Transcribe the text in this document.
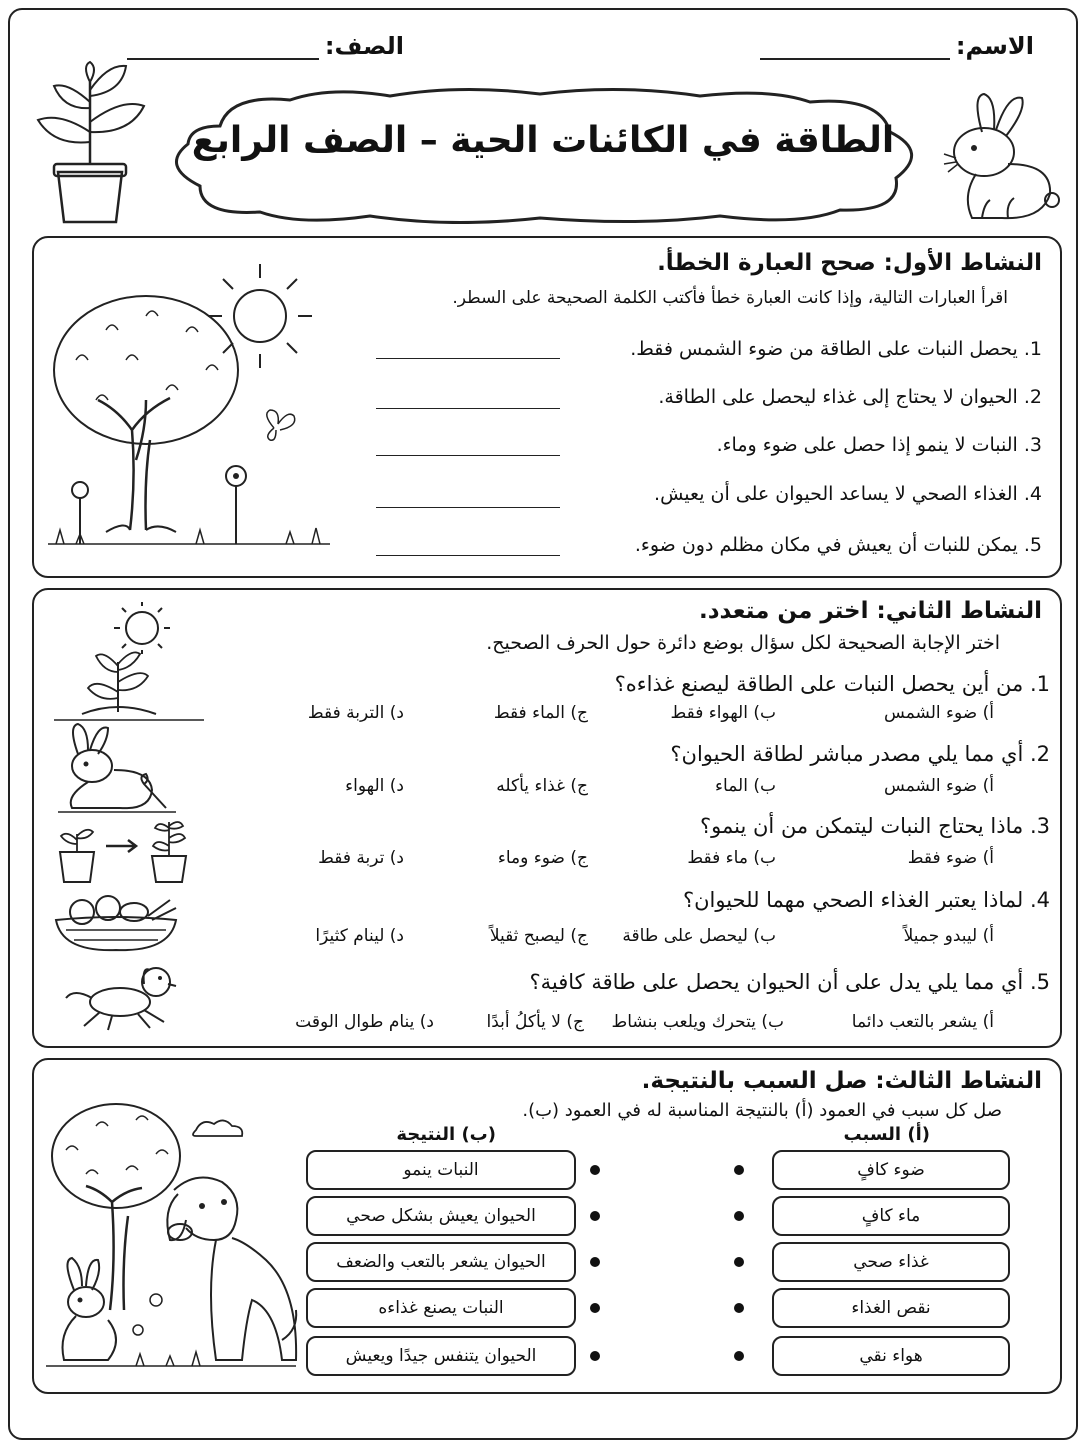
الاسم:
الصف:
الطاقة في الكائنات الحية – الصف الرابع
النشاط الأول: صحح العبارة الخطأ.
اقرأ العبارات التالية، وإذا كانت العبارة خطأ فأكتب الكلمة الصحيحة على السطر.
1. يحصل النبات على الطاقة من ضوء الشمس فقط.
2. الحيوان لا يحتاج إلى غذاء ليحصل على الطاقة.
3. النبات لا ينمو إذا حصل على ضوء وماء.
4. الغذاء الصحي لا يساعد الحيوان على أن يعيش.
5. يمكن للنبات أن يعيش في مكان مظلم دون ضوء.
النشاط الثاني: اختر من متعدد.
اختر الإجابة الصحيحة لكل سؤال بوضع دائرة حول الحرف الصحيح.
1. من أين يحصل النبات على الطاقة ليصنع غذاءه؟
أ) ضوء الشمس
ب) الهواء فقط
ج) الماء فقط
د) التربة فقط
2. أي مما يلي مصدر مباشر لطاقة الحيوان؟
أ) ضوء الشمس
ب) الماء
ج) غذاء يأكله
د) الهواء
3. ماذا يحتاج النبات ليتمكن من أن ينمو؟
أ) ضوء فقط
ب) ماء فقط
ج) ضوء وماء
د) تربة فقط
4. لماذا يعتبر الغذاء الصحي مهما للحيوان؟
أ) ليبدو جميلاً
ب) ليحصل على طاقة
ج) ليصبح ثقيلاً
د) لينام كثيرًا
5. أي مما يلي يدل على أن الحيوان يحصل على طاقة كافية؟
أ) يشعر بالتعب دائما
ب) يتحرك ويلعب بنشاط
ج) لا يأكلُ أبدًا
د) ينام طوال الوقت
النشاط الثالث: صل السبب بالنتيجة.
صل كل سبب في العمود (أ) بالنتيجة المناسبة له في العمود (ب).
(أ) السبب
(ب) النتيجة
ضوء كافٍ
ماء كافٍ
غذاء صحي
نقص الغذاء
هواء نقي
النبات ينمو
الحيوان يعيش بشكل صحي
الحيوان يشعر بالتعب والضعف
النبات يصنع غذاءه
الحيوان يتنفس جيدًا ويعيش
